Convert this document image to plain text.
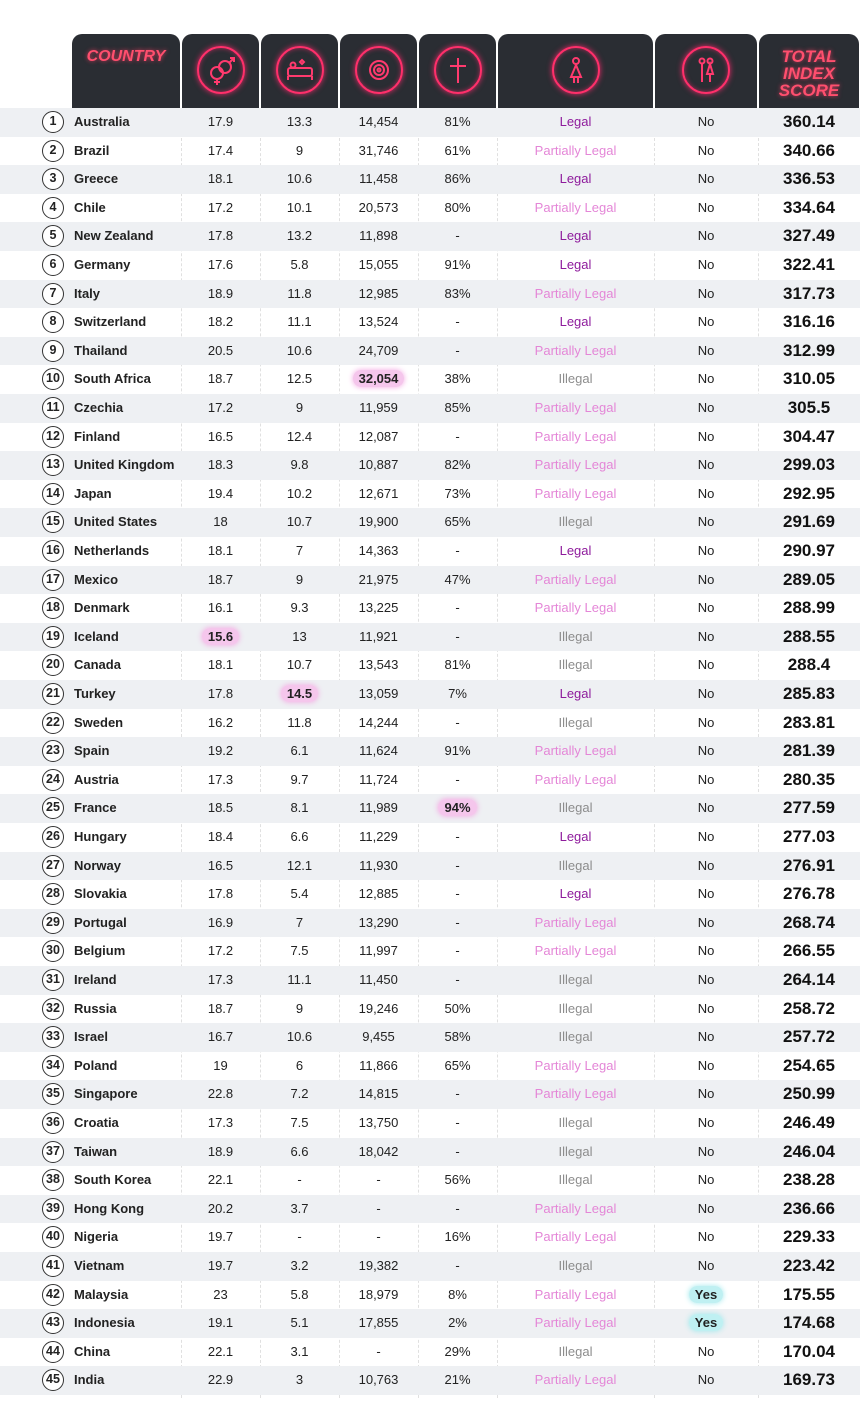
COUNTRY	TOTAL
INDEX
SCORE
1	Australia	17.9	13.3	14,454	81%	Legal	No	360.14
2	Brazil	17.4	9	31,746	61%	Partially Legal	No	340.66
3	Greece	18.1	10.6	11,458	86%	Legal	No	336.53
4	Chile	17.2	10.1	20,573	80%	Partially Legal	No	334.64
5	New Zealand	17.8	13.2	11,898	-	Legal	No	327.49
6	Germany	17.6	5.8	15,055	91%	Legal	No	322.41
7	Italy	18.9	11.8	12,985	83%	Partially Legal	No	317.73
8	Switzerland	18.2	11.1	13,524	-	Legal	No	316.16
9	Thailand	20.5	10.6	24,709	-	Partially Legal	No	312.99
10	South Africa	18.7	12.5	32,054	38%	Illegal	No	310.05
11	Czechia	17.2	9	11,959	85%	Partially Legal	No	305.5
12	Finland	16.5	12.4	12,087	-	Partially Legal	No	304.47
13	United Kingdom	18.3	9.8	10,887	82%	Partially Legal	No	299.03
14	Japan	19.4	10.2	12,671	73%	Partially Legal	No	292.95
15	United States	18	10.7	19,900	65%	Illegal	No	291.69
16	Netherlands	18.1	7	14,363	-	Legal	No	290.97
17	Mexico	18.7	9	21,975	47%	Partially Legal	No	289.05
18	Denmark	16.1	9.3	13,225	-	Partially Legal	No	288.99
19	Iceland	15.6	13	11,921	-	Illegal	No	288.55
20	Canada	18.1	10.7	13,543	81%	Illegal	No	288.4
21	Turkey	17.8	14.5	13,059	7%	Legal	No	285.83
22	Sweden	16.2	11.8	14,244	-	Illegal	No	283.81
23	Spain	19.2	6.1	11,624	91%	Partially Legal	No	281.39
24	Austria	17.3	9.7	11,724	-	Partially Legal	No	280.35
25	France	18.5	8.1	11,989	94%	Illegal	No	277.59
26	Hungary	18.4	6.6	11,229	-	Legal	No	277.03
27	Norway	16.5	12.1	11,930	-	Illegal	No	276.91
28	Slovakia	17.8	5.4	12,885	-	Legal	No	276.78
29	Portugal	16.9	7	13,290	-	Partially Legal	No	268.74
30	Belgium	17.2	7.5	11,997	-	Partially Legal	No	266.55
31	Ireland	17.3	11.1	11,450	-	Illegal	No	264.14
32	Russia	18.7	9	19,246	50%	Illegal	No	258.72
33	Israel	16.7	10.6	9,455	58%	Illegal	No	257.72
34	Poland	19	6	11,866	65%	Partially Legal	No	254.65
35	Singapore	22.8	7.2	14,815	-	Partially Legal	No	250.99
36	Croatia	17.3	7.5	13,750	-	Illegal	No	246.49
37	Taiwan	18.9	6.6	18,042	-	Illegal	No	246.04
38	South Korea	22.1	-	-	56%	Illegal	No	238.28
39	Hong Kong	20.2	3.7	-	-	Partially Legal	No	236.66
40	Nigeria	19.7	-	-	16%	Partially Legal	No	229.33
41	Vietnam	19.7	3.2	19,382	-	Illegal	No	223.42
42	Malaysia	23	5.8	18,979	8%	Partially Legal	Yes	175.55
43	Indonesia	19.1	5.1	17,855	2%	Partially Legal	Yes	174.68
44	China	22.1	3.1	-	29%	Illegal	No	170.04
45	India	22.9	3	10,763	21%	Partially Legal	No	169.73
